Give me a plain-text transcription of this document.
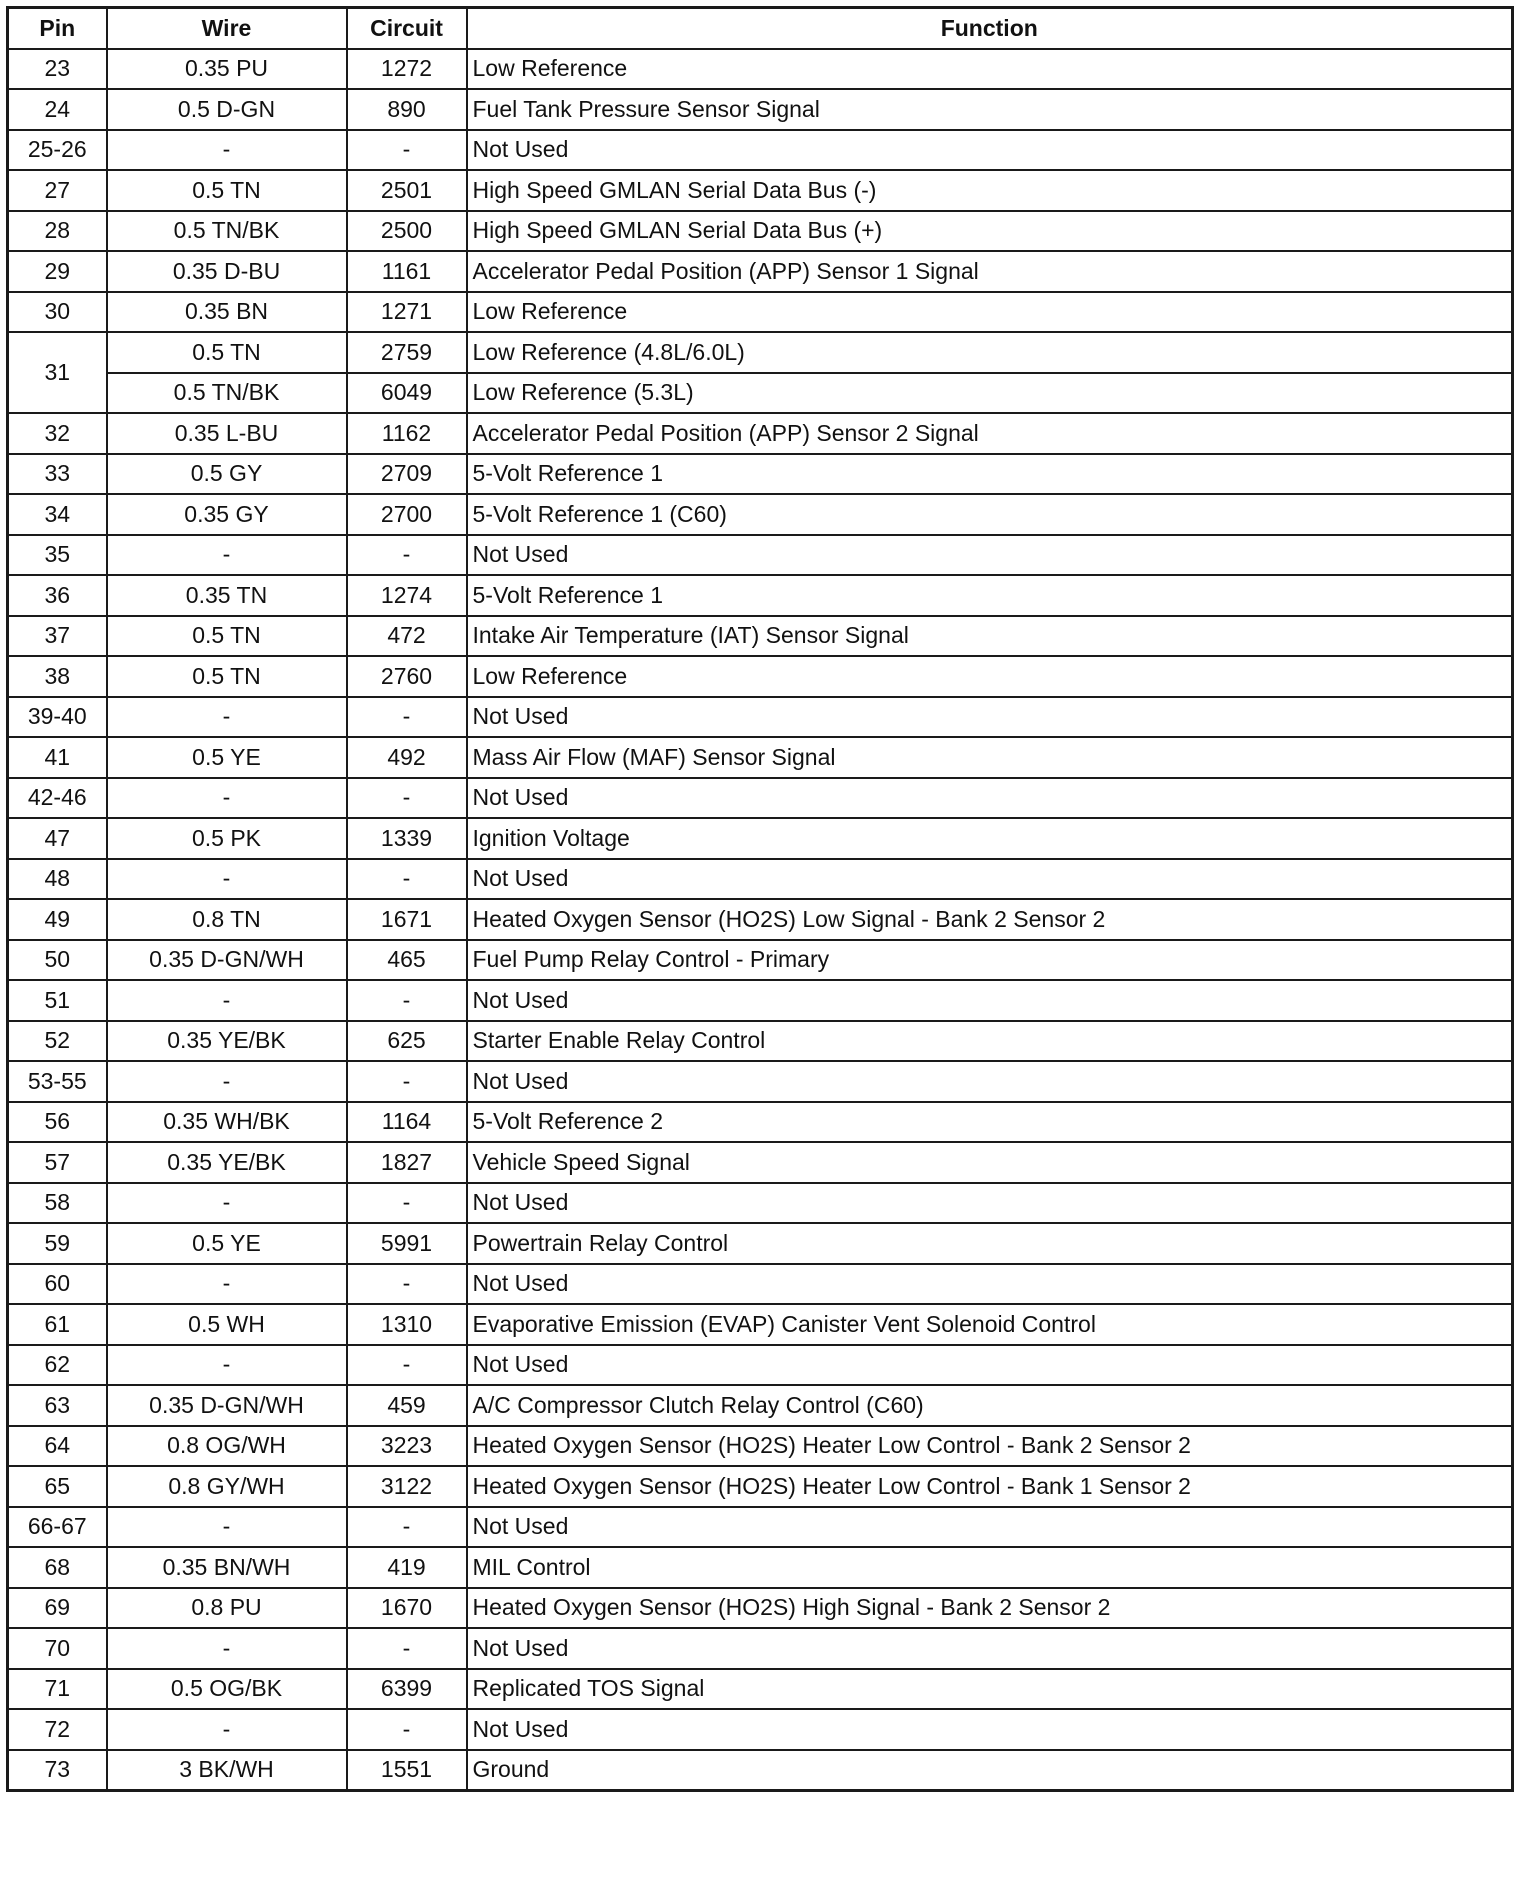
Pin	Wire	Circuit	Function
23	0.35 PU	1272	Low Reference
24	0.5 D-GN	890	Fuel Tank Pressure Sensor Signal
25-26	-	-	Not Used
27	0.5 TN	2501	High Speed GMLAN Serial Data Bus (-)
28	0.5 TN/BK	2500	High Speed GMLAN Serial Data Bus (+)
29	0.35 D-BU	1161	Accelerator Pedal Position (APP) Sensor 1 Signal
30	0.35 BN	1271	Low Reference
31	0.5 TN	2759	Low Reference (4.8L/6.0L)
	0.5 TN/BK	6049	Low Reference (5.3L)
32	0.35 L-BU	1162	Accelerator Pedal Position (APP) Sensor 2 Signal
33	0.5 GY	2709	5-Volt Reference 1
34	0.35 GY	2700	5-Volt Reference 1 (C60)
35	-	-	Not Used
36	0.35 TN	1274	5-Volt Reference 1
37	0.5 TN	472	Intake Air Temperature (IAT) Sensor Signal
38	0.5 TN	2760	Low Reference
39-40	-	-	Not Used
41	0.5 YE	492	Mass Air Flow (MAF) Sensor Signal
42-46	-	-	Not Used
47	0.5 PK	1339	Ignition Voltage
48	-	-	Not Used
49	0.8 TN	1671	Heated Oxygen Sensor (HO2S) Low Signal - Bank 2 Sensor 2
50	0.35 D-GN/WH	465	Fuel Pump Relay Control - Primary
51	-	-	Not Used
52	0.35 YE/BK	625	Starter Enable Relay Control
53-55	-	-	Not Used
56	0.35 WH/BK	1164	5-Volt Reference 2
57	0.35 YE/BK	1827	Vehicle Speed Signal
58	-	-	Not Used
59	0.5 YE	5991	Powertrain Relay Control
60	-	-	Not Used
61	0.5 WH	1310	Evaporative Emission (EVAP) Canister Vent Solenoid Control
62	-	-	Not Used
63	0.35 D-GN/WH	459	A/C Compressor Clutch Relay Control (C60)
64	0.8 OG/WH	3223	Heated Oxygen Sensor (HO2S) Heater Low Control - Bank 2 Sensor 2
65	0.8 GY/WH	3122	Heated Oxygen Sensor (HO2S) Heater Low Control - Bank 1 Sensor 2
66-67	-	-	Not Used
68	0.35 BN/WH	419	MIL Control
69	0.8 PU	1670	Heated Oxygen Sensor (HO2S) High Signal - Bank 2 Sensor 2
70	-	-	Not Used
71	0.5 OG/BK	6399	Replicated TOS Signal
72	-	-	Not Used
73	3 BK/WH	1551	Ground
